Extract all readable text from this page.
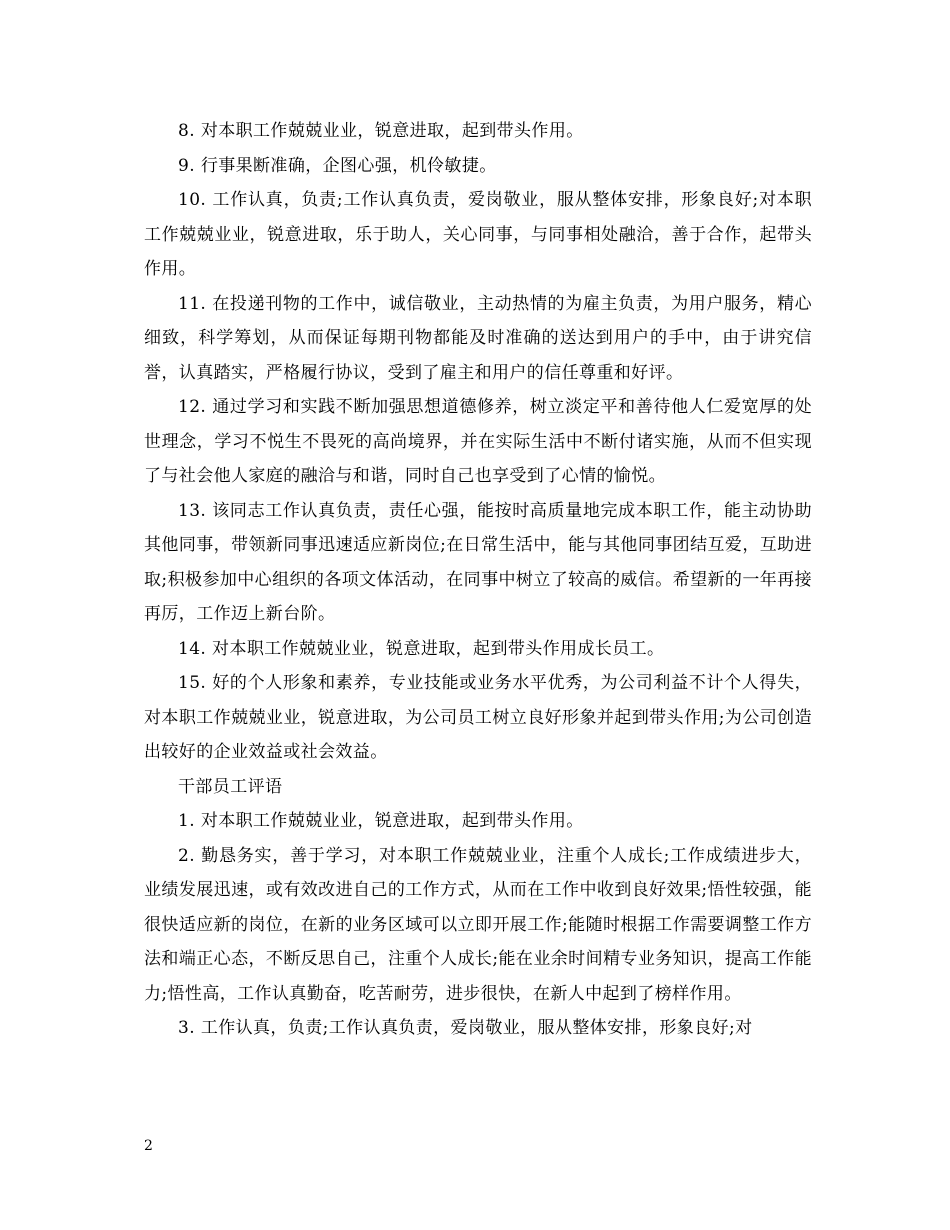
8. 对本职工作兢兢业业，锐意进取，起到带头作用。

9. 行事果断准确，企图心强，机伶敏捷。

10. 工作认真，负责;工作认真负责，爱岗敬业，服从整体安排，形象良好;对本职工作兢兢业业，锐意进取，乐于助人，关心同事，与同事相处融洽，善于合作，起带头作用。

11. 在投递刊物的工作中，诚信敬业，主动热情的为雇主负责，为用户服务，精心细致，科学筹划，从而保证每期刊物都能及时准确的送达到用户的手中，由于讲究信誉，认真踏实，严格履行协议，受到了雇主和用户的信任尊重和好评。

12. 通过学习和实践不断加强思想道德修养，树立淡定平和善待他人仁爱宽厚的处世理念，学习不悦生不畏死的高尚境界，并在实际生活中不断付诸实施，从而不但实现了与社会他人家庭的融洽与和谐，同时自己也享受到了心情的愉悦。

13. 该同志工作认真负责，责任心强，能按时高质量地完成本职工作，能主动协助其他同事，带领新同事迅速适应新岗位;在日常生活中，能与其他同事团结互爱，互助进取;积极参加中心组织的各项文体活动，在同事中树立了较高的威信。希望新的一年再接再厉，工作迈上新台阶。

14. 对本职工作兢兢业业，锐意进取，起到带头作用成长员工。

15. 好的个人形象和素养，专业技能或业务水平优秀，为公司利益不计个人得失，对本职工作兢兢业业，锐意进取，为公司员工树立良好形象并起到带头作用;为公司创造出较好的企业效益或社会效益。

干部员工评语

1. 对本职工作兢兢业业，锐意进取，起到带头作用。

2. 勤恳务实，善于学习，对本职工作兢兢业业，注重个人成长;工作成绩进步大，业绩发展迅速，或有效改进自己的工作方式，从而在工作中收到良好效果;悟性较强，能很快适应新的岗位，在新的业务区域可以立即开展工作;能随时根据工作需要调整工作方法和端正心态，不断反思自己，注重个人成长;能在业余时间精专业务知识，提高工作能力;悟性高，工作认真勤奋，吃苦耐劳，进步很快，在新人中起到了榜样作用。

3. 工作认真，负责;工作认真负责，爱岗敬业，服从整体安排，形象良好;对

2
